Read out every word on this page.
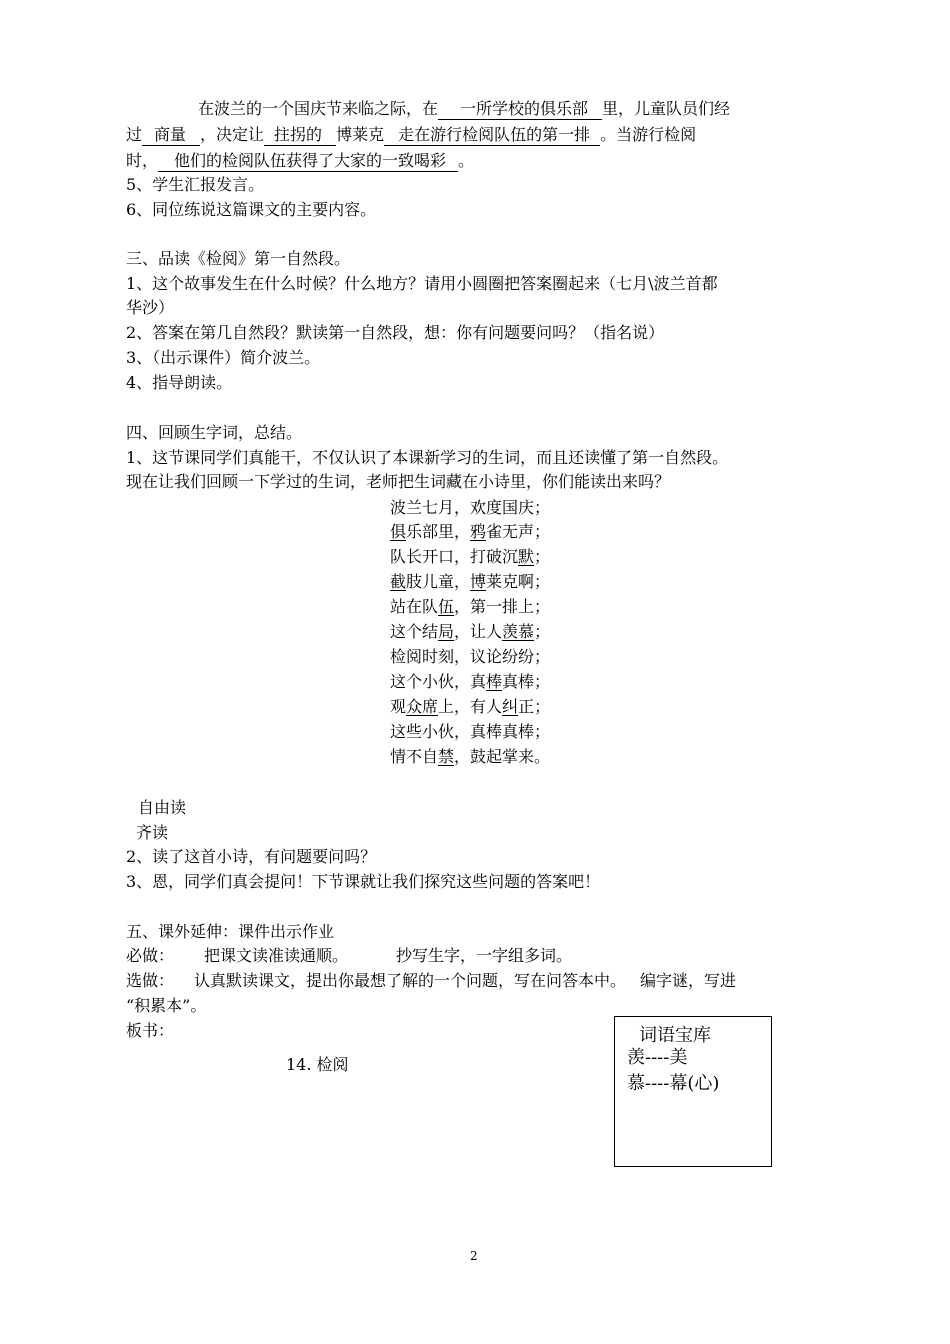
在波兰的一个国庆节来临之际，在 一所学校的俱乐部 里，儿童队员们经
过 商量 ，决定让 拄拐的 博莱克 走在游行检阅队伍的第一排 。当游行检阅
时， 他们的检阅队伍获得了大家的一致喝彩 。
5、学生汇报发言。
6、同位练说这篇课文的主要内容。
三、品读《检阅》第一自然段。
1、这个故事发生在什么时候？什么地方？请用小圆圈把答案圈起来（七月\波兰首都
华沙）
2、答案在第几自然段？默读第一自然段，想：你有问题要问吗？（指名说）
3、（出示课件）简介波兰。
4、指导朗读。
四、回顾生字词，总结。
1、这节课同学们真能干，不仅认识了本课新学习的生词，而且还读懂了第一自然段。
现在让我们回顾一下学过的生词，老师把生词藏在小诗里，你们能读出来吗？
波兰七月，欢度国庆；
俱乐部里，鸦雀无声；
队长开口，打破沉默；
截肢儿童，博莱克啊；
站在队伍，第一排上；
这个结局，让人羡慕；
检阅时刻，议论纷纷；
这个小伙，真棒真棒；
观众席上，有人纠正；
这些小伙，真棒真棒；
情不自禁，鼓起掌来。
自由读
齐读
2、读了这首小诗，有问题要问吗？
3、恩，同学们真会提问！下节课就让我们探究这些问题的答案吧！
五、课外延伸：课件出示作业
必做： 把课文读准读通顺。	抄写生字，一字组多词。
选做： 认真默读课文，提出你最想了解的一个问题，写在问答本中。 编字谜，写进
“积累本”。
板书：
14. 检阅
词语宝库
羡----美
慕----幕(心)
2
